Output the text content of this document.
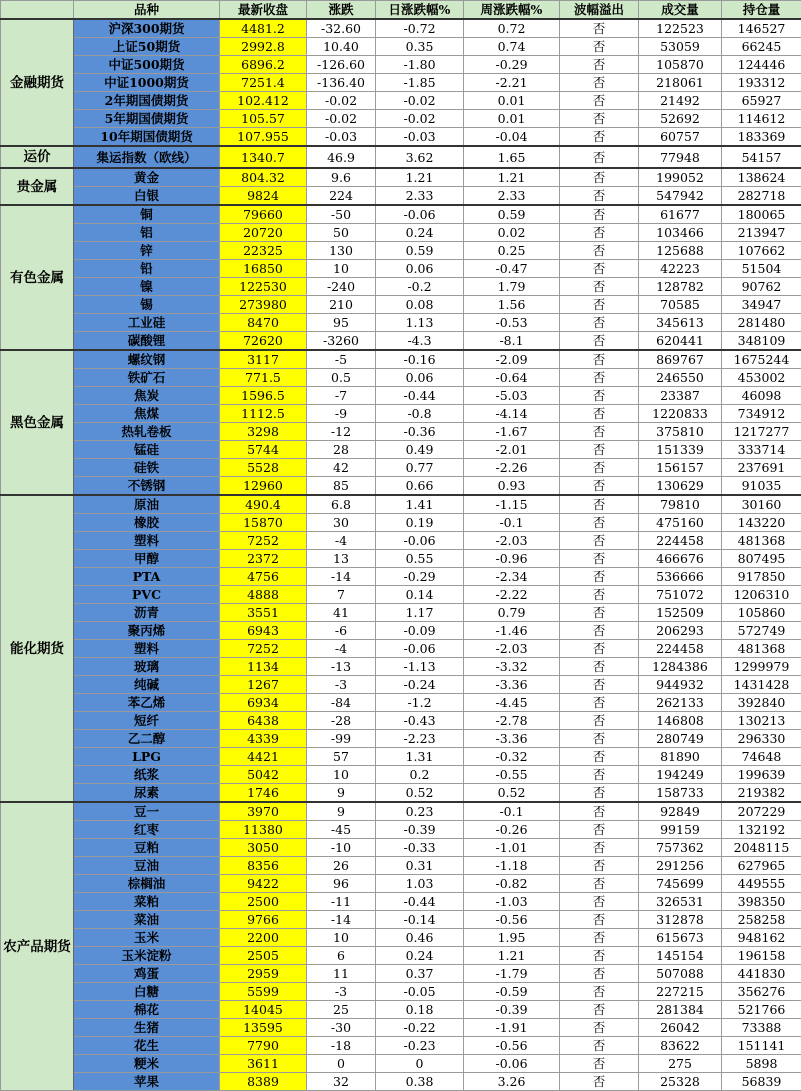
	品种	最新收盘	涨跌	日涨跌幅%	周涨跌幅%	波幅溢出	成交量	持仓量
金融期货	沪深300期货	4481.2	-32.60	-0.72	0.72	否	122523	146527
	上证50期货	2992.8	10.40	0.35	0.74	否	53059	66245
	中证500期货	6896.2	-126.60	-1.80	-0.29	否	105870	124446
	中证1000期货	7251.4	-136.40	-1.85	-2.21	否	218061	193312
	2年期国债期货	102.412	-0.02	-0.02	0.01	否	21492	65927
	5年期国债期货	105.57	-0.02	-0.02	0.01	否	52692	114612
	10年期国债期货	107.955	-0.03	-0.03	-0.04	否	60757	183369
运价	集运指数（欧线）	1340.7	46.9	3.62	1.65	否	77948	54157
贵金属	黄金	804.32	9.6	1.21	1.21	否	199052	138624
	白银	9824	224	2.33	2.33	否	547942	282718
有色金属	铜	79660	-50	-0.06	0.59	否	61677	180065
	铝	20720	50	0.24	0.02	否	103466	213947
	锌	22325	130	0.59	0.25	否	125688	107662
	铅	16850	10	0.06	-0.47	否	42223	51504
	镍	122530	-240	-0.2	1.79	否	128782	90762
	锡	273980	210	0.08	1.56	否	70585	34947
	工业硅	8470	95	1.13	-0.53	否	345613	281480
	碳酸锂	72620	-3260	-4.3	-8.1	否	620441	348109
黑色金属	螺纹钢	3117	-5	-0.16	-2.09	否	869767	1675244
	铁矿石	771.5	0.5	0.06	-0.64	否	246550	453002
	焦炭	1596.5	-7	-0.44	-5.03	否	23387	46098
	焦煤	1112.5	-9	-0.8	-4.14	否	1220833	734912
	热轧卷板	3298	-12	-0.36	-1.67	否	375810	1217277
	锰硅	5744	28	0.49	-2.01	否	151339	333714
	硅铁	5528	42	0.77	-2.26	否	156157	237691
	不锈钢	12960	85	0.66	0.93	否	130629	91035
能化期货	原油	490.4	6.8	1.41	-1.15	否	79810	30160
	橡胶	15870	30	0.19	-0.1	否	475160	143220
	塑料	7252	-4	-0.06	-2.03	否	224458	481368
	甲醇	2372	13	0.55	-0.96	否	466676	807495
	PTA	4756	-14	-0.29	-2.34	否	536666	917850
	PVC	4888	7	0.14	-2.22	否	751072	1206310
	沥青	3551	41	1.17	0.79	否	152509	105860
	聚丙烯	6943	-6	-0.09	-1.46	否	206293	572749
	塑料	7252	-4	-0.06	-2.03	否	224458	481368
	玻璃	1134	-13	-1.13	-3.32	否	1284386	1299979
	纯碱	1267	-3	-0.24	-3.36	否	944932	1431428
	苯乙烯	6934	-84	-1.2	-4.45	否	262133	392840
	短纤	6438	-28	-0.43	-2.78	否	146808	130213
	乙二醇	4339	-99	-2.23	-3.36	否	280749	296330
	LPG	4421	57	1.31	-0.32	否	81890	74648
	纸浆	5042	10	0.2	-0.55	否	194249	199639
	尿素	1746	9	0.52	0.52	否	158733	219382
农产品期货	豆一	3970	9	0.23	-0.1	否	92849	207229
	红枣	11380	-45	-0.39	-0.26	否	99159	132192
	豆粕	3050	-10	-0.33	-1.01	否	757362	2048115
	豆油	8356	26	0.31	-1.18	否	291256	627965
	棕榈油	9422	96	1.03	-0.82	否	745699	449555
	菜粕	2500	-11	-0.44	-1.03	否	326531	398350
	菜油	9766	-14	-0.14	-0.56	否	312878	258258
	玉米	2200	10	0.46	1.95	否	615673	948162
	玉米淀粉	2505	6	0.24	1.21	否	145154	196158
	鸡蛋	2959	11	0.37	-1.79	否	507088	441830
	白糖	5599	-3	-0.05	-0.59	否	227215	356276
	棉花	14045	25	0.18	-0.39	否	281384	521766
	生猪	13595	-30	-0.22	-1.91	否	26042	73388
	花生	7790	-18	-0.23	-0.56	否	83622	151141
	粳米	3611	0	0	-0.06	否	275	5898
	苹果	8389	32	0.38	3.26	否	25328	56839
